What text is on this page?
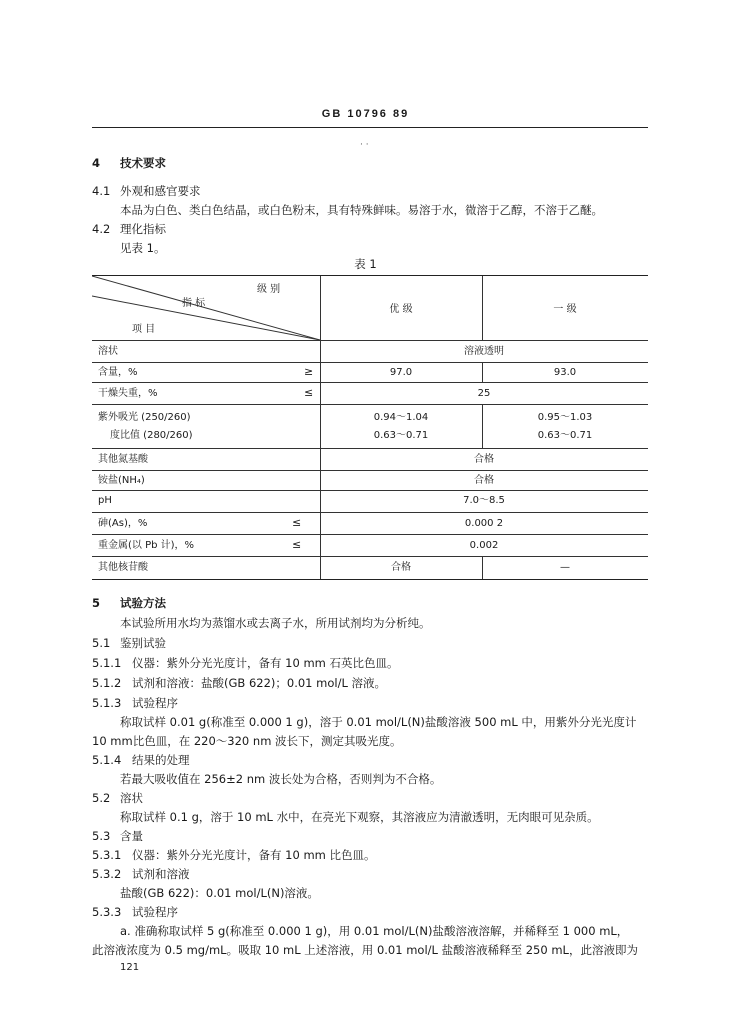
GB 10796 89
· ·
4 技术要求
4.1 外观和感官要求
本品为白色、类白色结晶，或白色粉末，具有特殊鲜味。易溶于水，微溶于乙醇，不溶于乙醚。
4.2 理化指标
见表 1。
表 1
级 别
指 标
项 目
优 级	一 级
溶状	溶液透明
含量，%	≥	97.0	93.0
干燥失重，%	≤	25
紫外吸光 (250/260)	0.94～1.04	0.95～1.03
度比值 (280/260)	0.63～0.71	0.63～0.71
其他氮基酸	合格
铵盐(NH₄)	合格
pH	7.0～8.5
砷(As)，%	≤	0.000 2
重金属(以 Pb 计)，%	≤	0.002
其他核苷酸	合格	—
5 试验方法
本试验所用水均为蒸馏水或去离子水，所用试剂均为分析纯。
5.1 鉴别试验
5.1.1 仪器：紫外分光光度计，备有 10 mm 石英比色皿。
5.1.2 试剂和溶液：盐酸(GB 622)；0.01 mol/L 溶液。
5.1.3 试验程序
称取试样 0.01 g(称准至 0.000 1 g)，溶于 0.01 mol/L(N)盐酸溶液 500 mL 中，用紫外分光光度计
10 mm比色皿，在 220～320 nm 波长下，测定其吸光度。
5.1.4 结果的处理
若最大吸收值在 256±2 nm 波长处为合格，否则判为不合格。
5.2 溶状
称取试样 0.1 g，溶于 10 mL 水中，在亮光下观察，其溶液应为清澈透明，无肉眼可见杂质。
5.3 含量
5.3.1 仪器：紫外分光光度计，备有 10 mm 比色皿。
5.3.2 试剂和溶液
盐酸(GB 622)：0.01 mol/L(N)溶液。
5.3.3 试验程序
a. 准确称取试样 5 g(称准至 0.000 1 g)，用 0.01 mol/L(N)盐酸溶液溶解，并稀释至 1 000 mL，
此溶液浓度为 0.5 mg/mL。吸取 10 mL 上述溶液，用 0.01 mol/L 盐酸溶液稀释至 250 mL，此溶液即为
121
